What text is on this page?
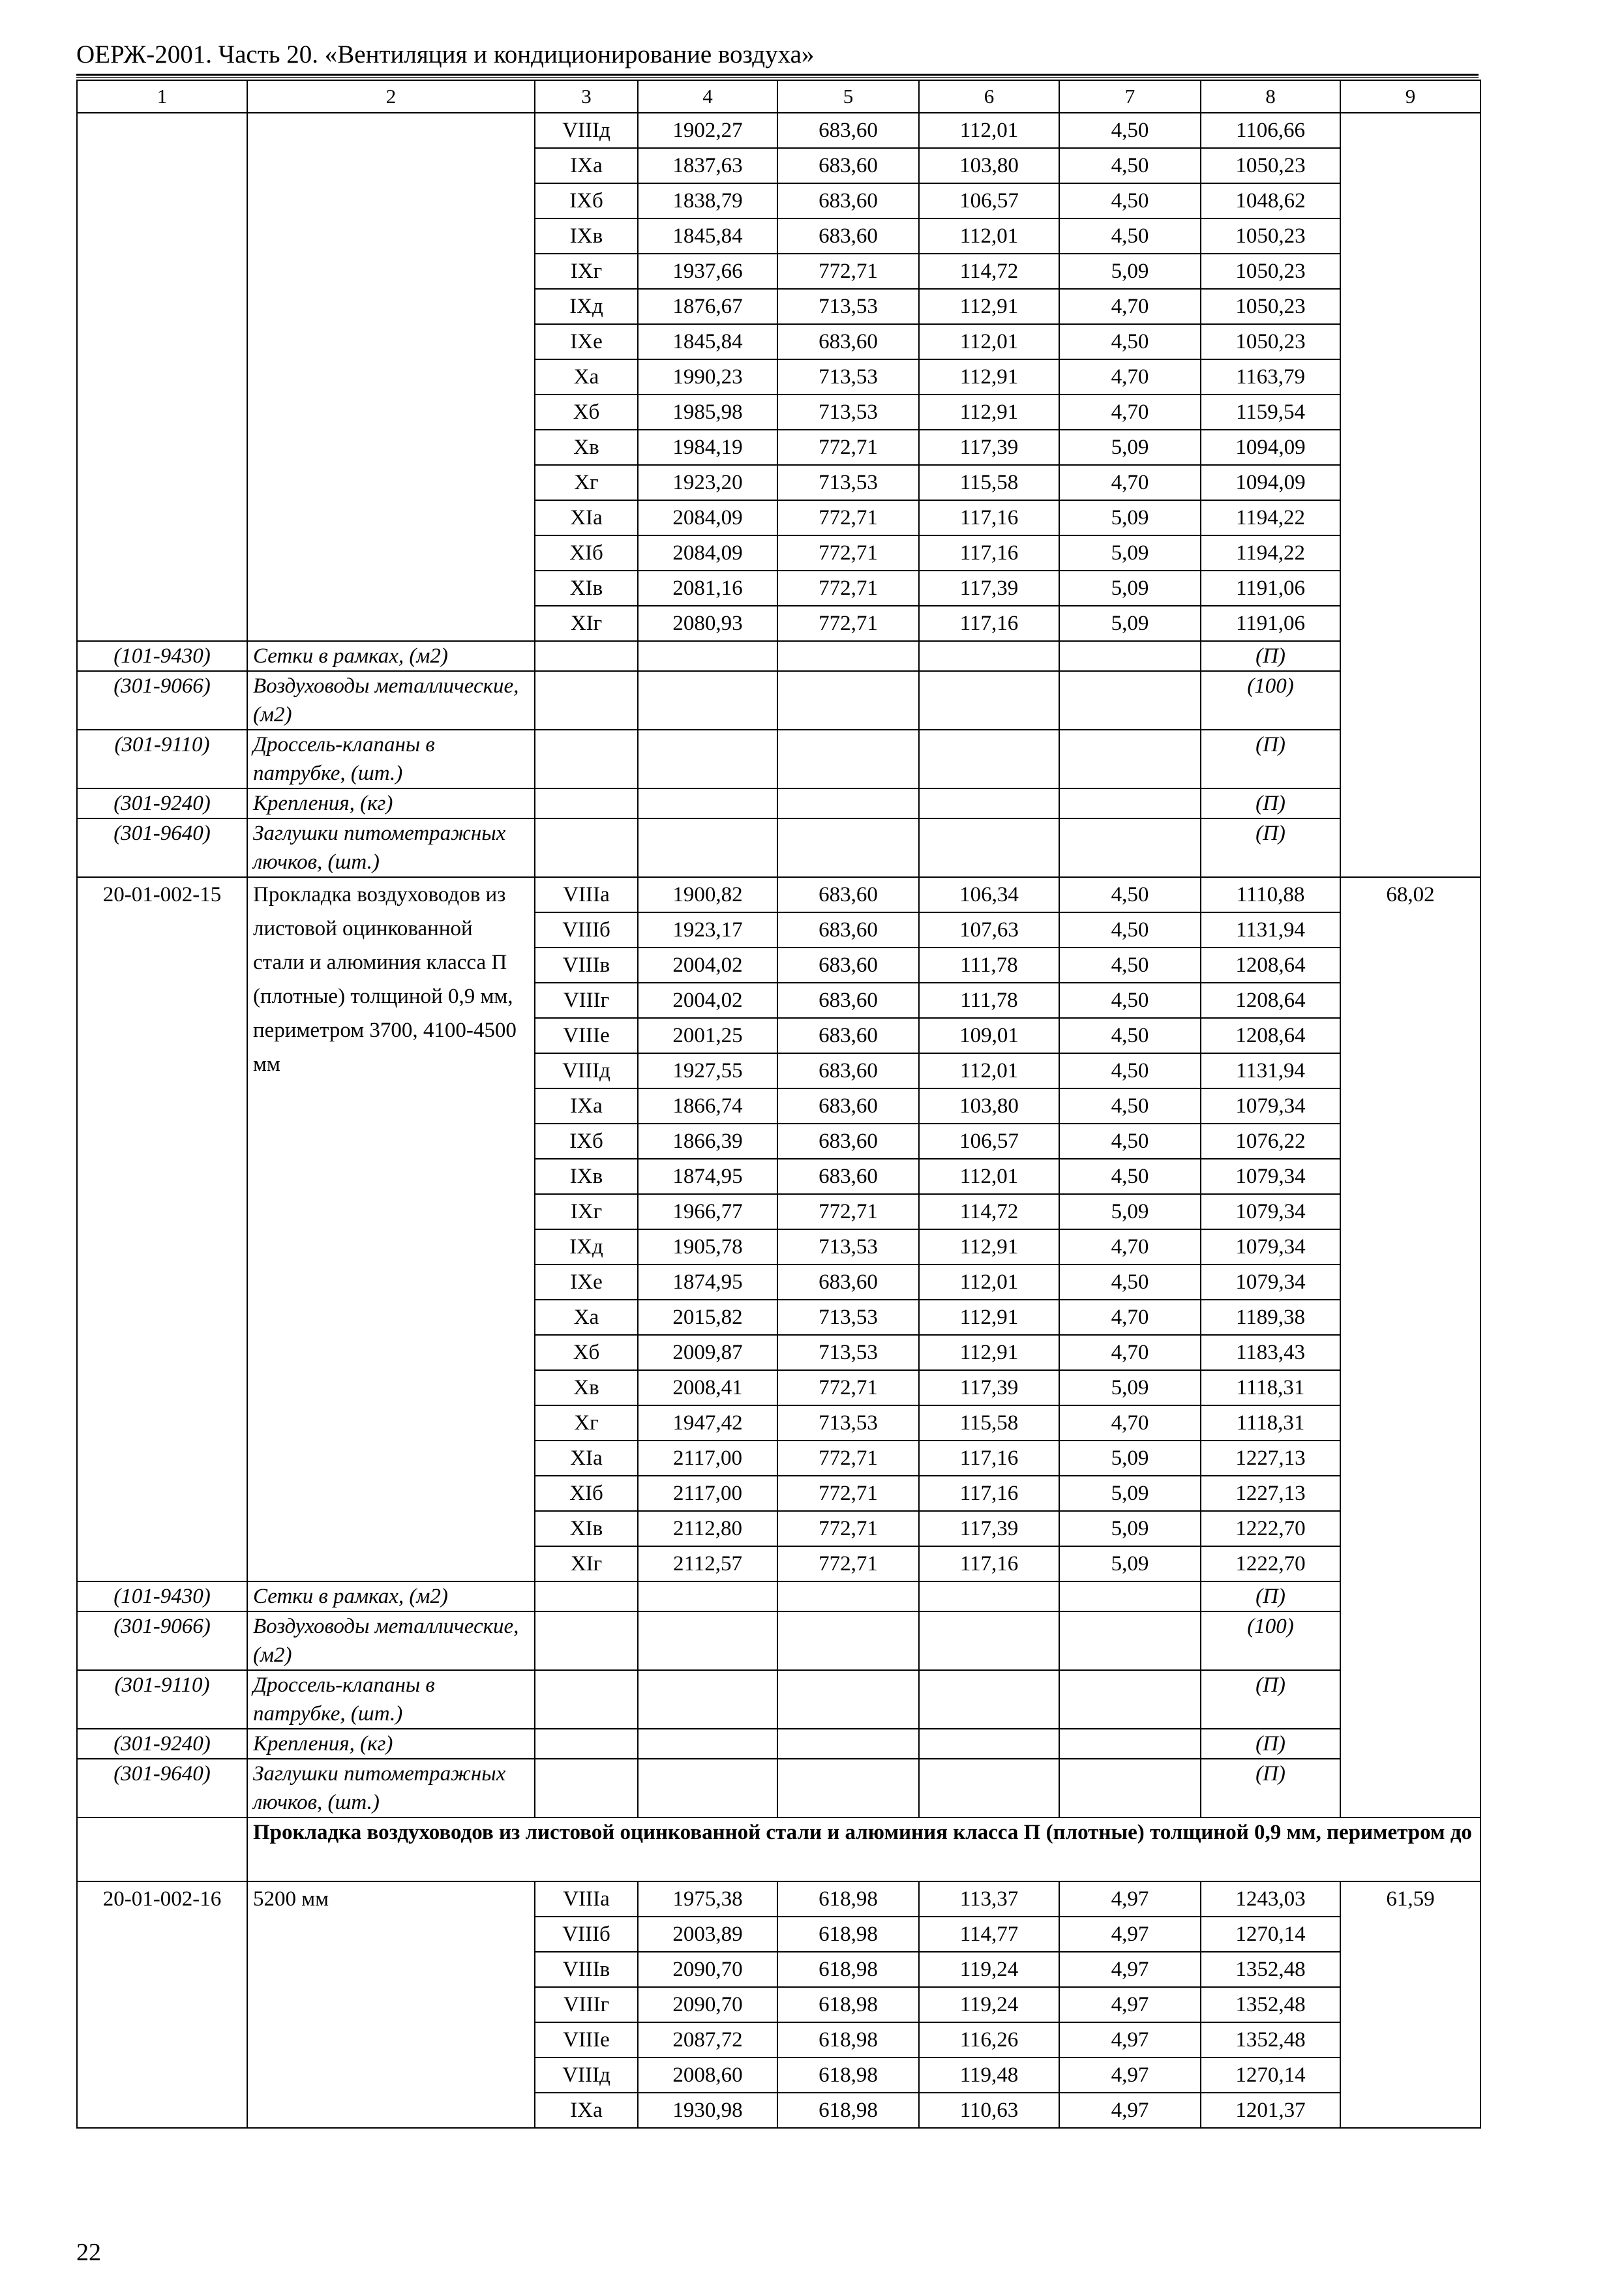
ОЕРЖ-2001. Часть 20. «Вентиляция и кондиционирование воздуха»
1	2	3	4	5	6	7	8	9
		VIIIд	1902,27	683,60	112,01	4,50	1106,66	
		IXа	1837,63	683,60	103,80	4,50	1050,23	
		IXб	1838,79	683,60	106,57	4,50	1048,62	
		IXв	1845,84	683,60	112,01	4,50	1050,23	
		IXг	1937,66	772,71	114,72	5,09	1050,23	
		IXд	1876,67	713,53	112,91	4,70	1050,23	
		IXе	1845,84	683,60	112,01	4,50	1050,23	
		Xа	1990,23	713,53	112,91	4,70	1163,79	
		Xб	1985,98	713,53	112,91	4,70	1159,54	
		Xв	1984,19	772,71	117,39	5,09	1094,09	
		Xг	1923,20	713,53	115,58	4,70	1094,09	
		XIа	2084,09	772,71	117,16	5,09	1194,22	
		XIб	2084,09	772,71	117,16	5,09	1194,22	
		XIв	2081,16	772,71	117,39	5,09	1191,06	
		XIг	2080,93	772,71	117,16	5,09	1191,06	
(101-9430)	Сетки в рамках, (м2)						(П)	
(301-9066)	Воздуховоды металлические, (м2)						(100)	
(301-9110)	Дроссель-клапаны в патрубке, (шт.)						(П)	
(301-9240)	Крепления, (кг)						(П)	
(301-9640)	Заглушки питометражных лючков, (шт.)						(П)	
20-01-002-15	Прокладка воздуховодов из листовой оцинкованной стали и алюминия класса П (плотные) толщиной 0,9 мм, периметром 3700, 4100-4500 мм	VIIIа	1900,82	683,60	106,34	4,50	1110,88	68,02
		VIIIб	1923,17	683,60	107,63	4,50	1131,94	
		VIIIв	2004,02	683,60	111,78	4,50	1208,64	
		VIIIг	2004,02	683,60	111,78	4,50	1208,64	
		VIIIе	2001,25	683,60	109,01	4,50	1208,64	
		VIIIд	1927,55	683,60	112,01	4,50	1131,94	
		IXа	1866,74	683,60	103,80	4,50	1079,34	
		IXб	1866,39	683,60	106,57	4,50	1076,22	
		IXв	1874,95	683,60	112,01	4,50	1079,34	
		IXг	1966,77	772,71	114,72	5,09	1079,34	
		IXд	1905,78	713,53	112,91	4,70	1079,34	
		IXе	1874,95	683,60	112,01	4,50	1079,34	
		Xа	2015,82	713,53	112,91	4,70	1189,38	
		Xб	2009,87	713,53	112,91	4,70	1183,43	
		Xв	2008,41	772,71	117,39	5,09	1118,31	
		Xг	1947,42	713,53	115,58	4,70	1118,31	
		XIа	2117,00	772,71	117,16	5,09	1227,13	
		XIб	2117,00	772,71	117,16	5,09	1227,13	
		XIв	2112,80	772,71	117,39	5,09	1222,70	
		XIг	2112,57	772,71	117,16	5,09	1222,70	
(101-9430)	Сетки в рамках, (м2)						(П)	
(301-9066)	Воздуховоды металлические, (м2)						(100)	
(301-9110)	Дроссель-клапаны в патрубке, (шт.)						(П)	
(301-9240)	Крепления, (кг)						(П)	
(301-9640)	Заглушки питометражных лючков, (шт.)						(П)	
	Прокладка воздуховодов из листовой оцинкованной стали и алюминия класса П (плотные) толщиной 0,9 мм, периметром до							
20-01-002-16	5200 мм	VIIIа	1975,38	618,98	113,37	4,97	1243,03	61,59
		VIIIб	2003,89	618,98	114,77	4,97	1270,14	
		VIIIв	2090,70	618,98	119,24	4,97	1352,48	
		VIIIг	2090,70	618,98	119,24	4,97	1352,48	
		VIIIе	2087,72	618,98	116,26	4,97	1352,48	
		VIIIд	2008,60	618,98	119,48	4,97	1270,14	
		IXа	1930,98	618,98	110,63	4,97	1201,37	
22
